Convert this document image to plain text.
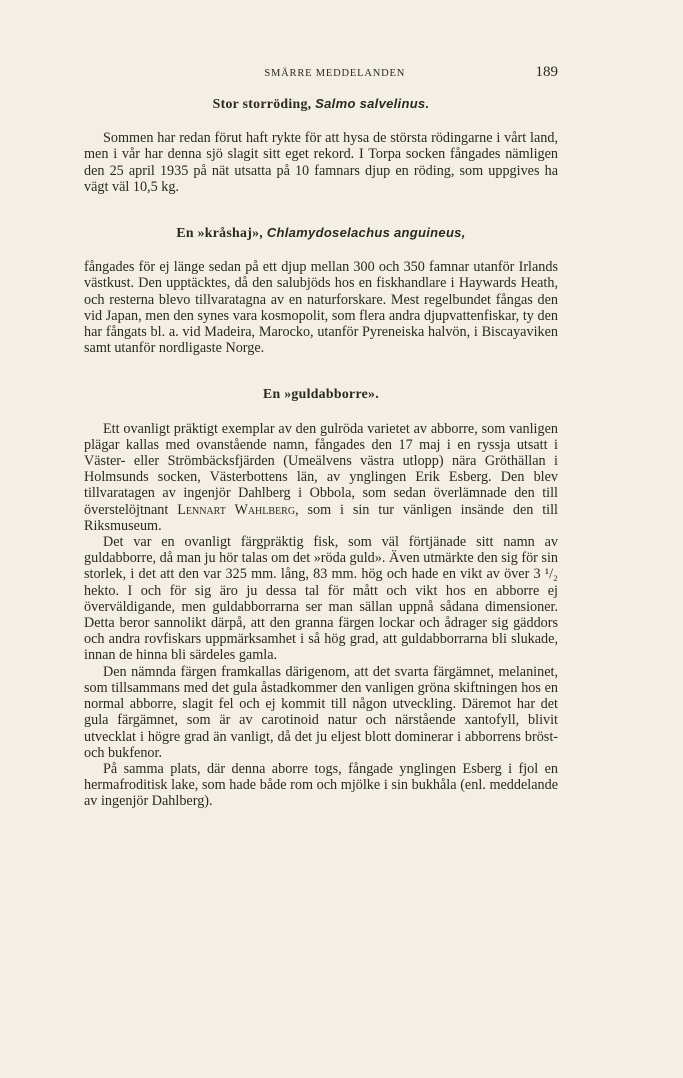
SMÄRRE MEDDELANDEN	189
Stor storröding, Salmo salvelinus.

Sommen har redan förut haft rykte för att hysa de största rödingarne i vårt land, men i vår har denna sjö slagit sitt eget rekord. I Torpa socken fångades nämligen den 25 april 1935 på nät utsatta på 10 famnars djup en röding, som uppgives ha vägt väl 10,5 kg.

En »kråshaj», Chlamydoselachus anguineus,

fångades för ej länge sedan på ett djup mellan 300 och 350 famnar utanför Irlands västkust. Den upptäcktes, då den salubjöds hos en fiskhandlare i Haywards Heath, och resterna blevo tillvaratagna av en naturforskare. Mest regelbundet fångas den vid Japan, men den synes vara kosmopolit, som flera andra djupvattenfiskar, ty den har fångats bl. a. vid Madeira, Marocko, utanför Pyreneiska halvön, i Biscayaviken samt utanför nordligaste Norge.

En »guldabborre».

Ett ovanligt präktigt exemplar av den gulröda varietet av abborre, som vanligen plägar kallas med ovanstående namn, fångades den 17 maj i en ryssja utsatt i Väster- eller Strömbäcksfjärden (Umeälvens västra utlopp) nära Gröthällan i Holmsunds socken, Västerbottens län, av ynglingen Erik Esberg. Den blev tillvaratagen av ingenjör Dahlberg i Obbola, som sedan överlämnade den till överstelöjtnant Lennart Wahlberg, som i sin tur vänligen insände den till Riksmuseum.

Det var en ovanligt färgpräktig fisk, som väl förtjänade sitt namn av guldabborre, då man ju hör talas om det »röda guld». Även utmärkte den sig för sin storlek, i det att den var 325 mm. lång, 83 mm. hög och hade en vikt av över 3 ¹/₂ hekto. I och för sig äro ju dessa tal för mått och vikt hos en abborre ej överväldigande, men guldabborrarna ser man sällan uppnå sådana dimensioner. Detta beror sannolikt därpå, att den granna färgen lockar och ådrager sig gäddors och andra rovfiskars uppmärksamhet i så hög grad, att guldabborrarna bli slukade, innan de hinna bli särdeles gamla.

Den nämnda färgen framkallas därigenom, att det svarta färgämnet, melaninet, som tillsammans med det gula åstadkommer den vanligen gröna skiftningen hos en normal abborre, slagit fel och ej kommit till någon utveckling. Däremot har det gula färgämnet, som är av carotinoid natur och närstående xantofyll, blivit utvecklat i högre grad än vanligt, då det ju eljest blott dominerar i abborrens bröst- och bukfenor.

På samma plats, där denna aborre togs, fångade ynglingen Esberg i fjol en hermafroditisk lake, som hade både rom och mjölke i sin bukhåla (enl. meddelande av ingenjör Dahlberg).
